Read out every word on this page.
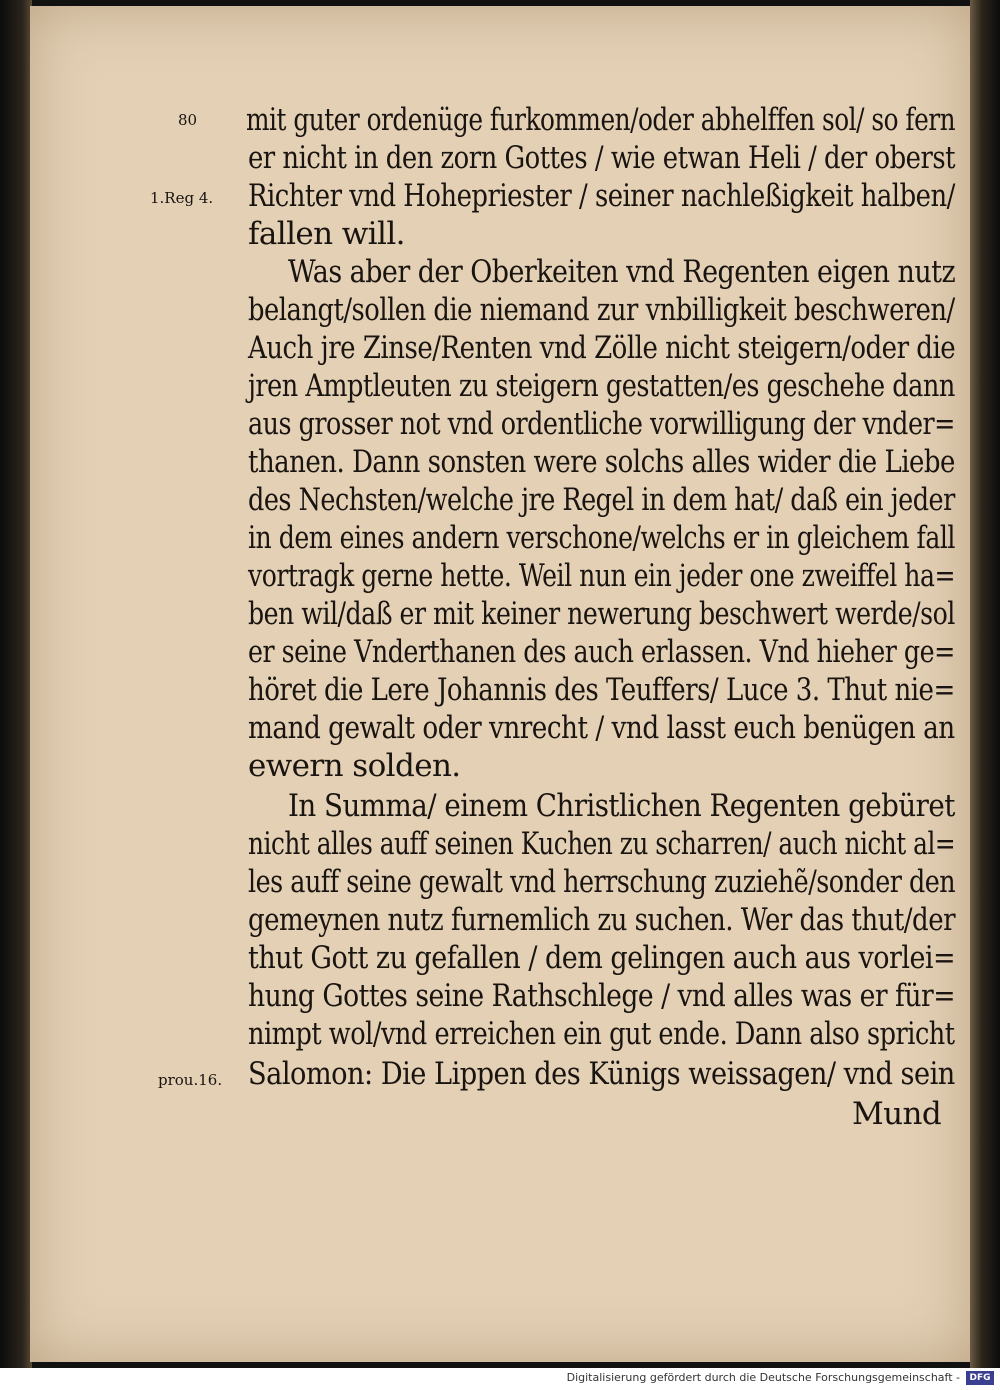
80
1.Reg 4.
prou.16.
mit guter ordenüge furkommen/oder abhelffen sol/ so fern
er nicht in den zorn Gottes / wie etwan Heli / der oberst
Richter vnd Hohepriester / seiner nachleßigkeit halben/
fallen will.
Was aber der Oberkeiten vnd Regenten eigen nutz
belangt/sollen die niemand zur vnbilligkeit beschweren/
Auch jre Zinse/Renten vnd Zölle nicht steigern/oder die
jren Amptleuten zu steigern gestatten/es geschehe dann
aus grosser not vnd ordentliche vorwilligung der vnder=
thanen. Dann sonsten were solchs alles wider die Liebe
des Nechsten/welche jre Regel in dem hat/ daß ein jeder
in dem eines andern verschone/welchs er in gleichem fall
vortragk gerne hette. Weil nun ein jeder one zweiffel ha=
ben wil/daß er mit keiner newerung beschwert werde/sol
er seine Vnderthanen des auch erlassen. Vnd hieher ge=
höret die Lere Johannis des Teuffers/ Luce 3. Thut nie=
mand gewalt oder vnrecht / vnd lasst euch benügen an
ewern solden.
In Summa/ einem Christlichen Regenten gebüret
nicht alles auff seinen Kuchen zu scharren/ auch nicht al=
les auff seine gewalt vnd herrschung zuziehẽ/sonder den
gemeynen nutz furnemlich zu suchen. Wer das thut/der
thut Gott zu gefallen / dem gelingen auch aus vorlei=
hung Gottes seine Rathschlege / vnd alles was er für=
nimpt wol/vnd erreichen ein gut ende. Dann also spricht
Salomon: Die Lippen des Künigs weissagen/ vnd sein
Mund
Digitalisierung gefördert durch die Deutsche Forschungsgemeinschaft -	DFG
